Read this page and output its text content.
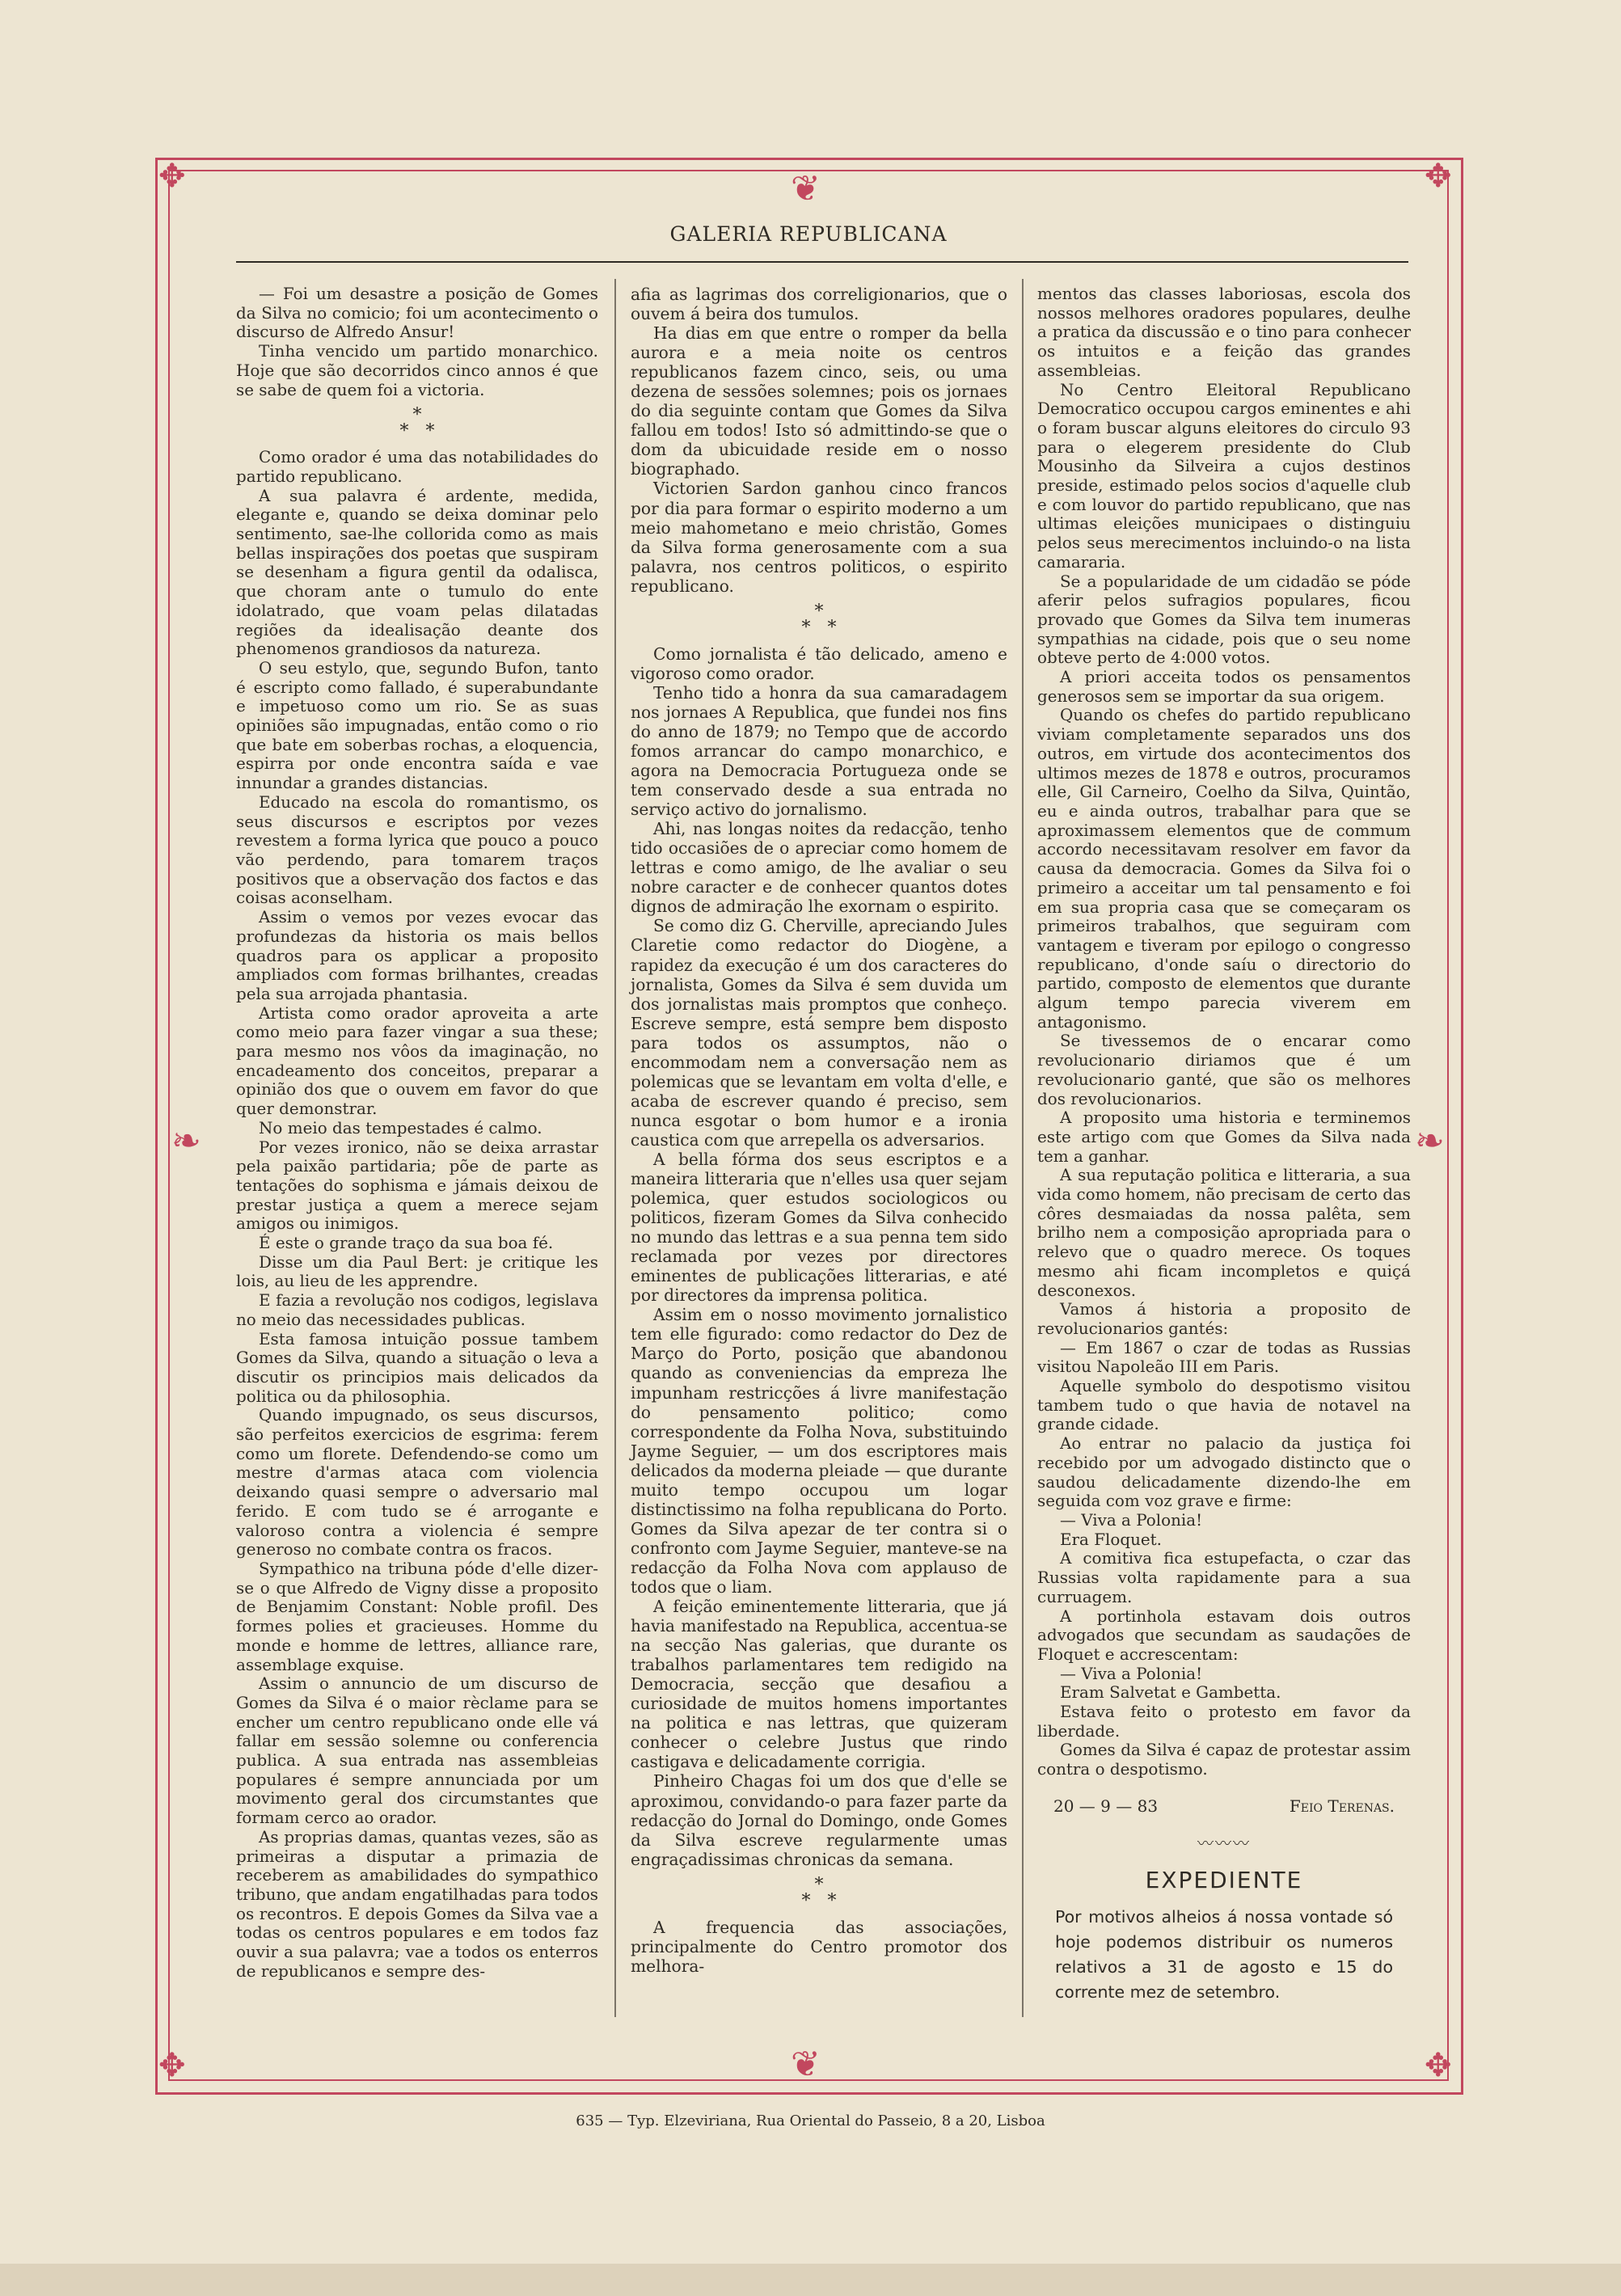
✥	✥
✥	✥
❦
❦
❧	❧
GALERIA REPUBLICANA

— Foi um desastre a posição de Gomes da Silva no comicio; foi um acontecimento o discurso de Alfredo Ansur!

Tinha vencido um partido monarchico. Hoje que são decorridos cinco annos é que se sabe de quem foi a victoria.

*
*   *

Como orador é uma das notabilidades do partido republicano.

A sua palavra é ardente, medida, elegante e, quando se deixa dominar pelo sentimento, sae-lhe collorida como as mais bellas inspirações dos poetas que suspiram se desenham a figura gentil da odalisca, que choram ante o tumulo do ente idolatrado, que voam pelas dilatadas regiões da idealisação deante dos phenomenos grandiosos da natureza.

O seu estylo, que, segundo Bufon, tanto é escripto como fallado, é superabundante e impetuoso como um rio. Se as suas opiniões são impugnadas, então como o rio que bate em soberbas rochas, a eloquencia, espirra por onde encontra saída e vae innundar a grandes distancias.

Educado na escola do romantismo, os seus discursos e escriptos por vezes revestem a forma lyrica que pouco a pouco vão perdendo, para tomarem traços positivos que a observação dos factos e das coisas aconselham.

Assim o vemos por vezes evocar das profundezas da historia os mais bellos quadros para os applicar a proposito ampliados com formas brilhantes, creadas pela sua arrojada phantasia.

Artista como orador aproveita a arte como meio para fazer vingar a sua these; para mesmo nos vôos da imaginação, no encadeamento dos conceitos, preparar a opinião dos que o ouvem em favor do que quer demonstrar.

No meio das tempestades é calmo.

Por vezes ironico, não se deixa arrastar pela paixão partidaria; põe de parte as tentações do sophisma e jámais deixou de prestar justiça a quem a merece sejam amigos ou inimigos.

É este o grande traço da sua boa fé.

Disse um dia Paul Bert: je critique les lois, au lieu de les apprendre.

E fazia a revolução nos codigos, legislava no meio das necessidades publicas.

Esta famosa intuição possue tambem Gomes da Silva, quando a situação o leva a discutir os principios mais delicados da politica ou da philosophia.

Quando impugnado, os seus discursos, são perfeitos exercicios de esgrima: ferem como um florete. Defendendo-se como um mestre d'armas ataca com violencia deixando quasi sempre o adversario mal ferido. E com tudo se é arrogante e valoroso contra a violencia é sempre generoso no combate contra os fracos.

Sympathico na tribuna póde d'elle dizer-se o que Alfredo de Vigny disse a proposito de Benjamim Constant: Noble profil. Des formes polies et gracieuses. Homme du monde e homme de lettres, alliance rare, assemblage exquise.

Assim o annuncio de um discurso de Gomes da Silva é o maior rèclame para se encher um centro republicano onde elle vá fallar em sessão solemne ou conferencia publica. A sua entrada nas assembleias populares é sempre annunciada por um movimento geral dos circumstantes que formam cerco ao orador.

As proprias damas, quantas vezes, são as primeiras a disputar a primazia de receberem as amabilidades do sympathico tribuno, que andam engatilhadas para todos os recontros. E depois Gomes da Silva vae a todas os centros populares e em todos faz ouvir a sua palavra; vae a todos os enterros de republicanos e sempre des-

afia as lagrimas dos correligionarios, que o ouvem á beira dos tumulos.

Ha dias em que entre o romper da bella aurora e a meia noite os centros republicanos fazem cinco, seis, ou uma dezena de sessões solemnes; pois os jornaes do dia seguinte contam que Gomes da Silva fallou em todos! Isto só admittindo-se que o dom da ubicuidade reside em o nosso biographado.

Victorien Sardon ganhou cinco francos por dia para formar o espirito moderno a um meio mahometano e meio christão, Gomes da Silva forma generosamente com a sua palavra, nos centros politicos, o espirito republicano.

*
*   *

Como jornalista é tão delicado, ameno e vigoroso como orador.

Tenho tido a honra da sua camaradagem nos jornaes A Republica, que fundei nos fins do anno de 1879; no Tempo que de accordo fomos arrancar do campo monarchico, e agora na Democracia Portugueza onde se tem conservado desde a sua entrada no serviço activo do jornalismo.

Ahi, nas longas noites da redacção, tenho tido occasiões de o apreciar como homem de lettras e como amigo, de lhe avaliar o seu nobre caracter e de conhecer quantos dotes dignos de admiração lhe exornam o espirito.

Se como diz G. Cherville, apreciando Jules Claretie como redactor do Diogène, a rapidez da execução é um dos caracteres do jornalista, Gomes da Silva é sem duvida um dos jornalistas mais promptos que conheço. Escreve sempre, está sempre bem disposto para todos os assumptos, não o encommodam nem a conversação nem as polemicas que se levantam em volta d'elle, e acaba de escrever quando é preciso, sem nunca esgotar o bom humor e a ironia caustica com que arrepella os adversarios.

A bella fórma dos seus escriptos e a maneira litteraria que n'elles usa quer sejam polemica, quer estudos sociologicos ou politicos, fizeram Gomes da Silva conhecido no mundo das lettras e a sua penna tem sido reclamada por vezes por directores eminentes de publicações litterarias, e até por directores da imprensa politica.

Assim em o nosso movimento jornalistico tem elle figurado: como redactor do Dez de Março do Porto, posição que abandonou quando as conveniencias da empreza lhe impunham restricções á livre manifestação do pensamento politico; como correspondente da Folha Nova, substituindo Jayme Seguier, — um dos escriptores mais delicados da moderna pleiade — que durante muito tempo occupou um logar distinctissimo na folha republicana do Porto. Gomes da Silva apezar de ter contra si o confronto com Jayme Seguier, manteve-se na redacção da Folha Nova com applauso de todos que o liam.

A feição eminentemente litteraria, que já havia manifestado na Republica, accentua-se na secção Nas galerias, que durante os trabalhos parlamentares tem redigido na Democracia, secção que desafiou a curiosidade de muitos homens importantes na politica e nas lettras, que quizeram conhecer o celebre Justus que rindo castigava e delicadamente corrigia.

Pinheiro Chagas foi um dos que d'elle se aproximou, convidando-o para fazer parte da redacção do Jornal do Domingo, onde Gomes da Silva escreve regularmente umas engraçadissimas chronicas da semana.

*
*   *

A frequencia das associações, principalmente do Centro promotor dos melhora-

mentos das classes laboriosas, escola dos nossos melhores oradores populares, deulhe a pratica da discussão e o tino para conhecer os intuitos e a feição das grandes assembleias.

No Centro Eleitoral Republicano Democratico occupou cargos eminentes e ahi o foram buscar alguns eleitores do circulo 93 para o elegerem presidente do Club Mousinho da Silveira a cujos destinos preside, estimado pelos socios d'aquelle club e com louvor do partido republicano, que nas ultimas eleições municipaes o distinguiu pelos seus merecimentos incluindo-o na lista camararia.

Se a popularidade de um cidadão se póde aferir pelos sufragios populares, ficou provado que Gomes da Silva tem inumeras sympathias na cidade, pois que o seu nome obteve perto de 4:000 votos.

A priori acceita todos os pensamentos generosos sem se importar da sua origem.

Quando os chefes do partido republicano viviam completamente separados uns dos outros, em virtude dos acontecimentos dos ultimos mezes de 1878 e outros, procuramos elle, Gil Carneiro, Coelho da Silva, Quintão, eu e ainda outros, trabalhar para que se aproximassem elementos que de commum accordo necessitavam resolver em favor da causa da democracia. Gomes da Silva foi o primeiro a acceitar um tal pensamento e foi em sua propria casa que se começaram os primeiros trabalhos, que seguiram com vantagem e tiveram por epilogo o congresso republicano, d'onde saíu o directorio do partido, composto de elementos que durante algum tempo parecia viverem em antagonismo.

Se tivessemos de o encarar como revolucionario diriamos que é um revolucionario ganté, que são os melhores dos revolucionarios.

A proposito uma historia e terminemos este artigo com que Gomes da Silva nada tem a ganhar.

A sua reputação politica e litteraria, a sua vida como homem, não precisam de certo das côres desmaiadas da nossa palêta, sem brilho nem a composição apropriada para o relevo que o quadro merece. Os toques mesmo ahi ficam incompletos e quiçá desconexos.

Vamos á historia a proposito de revolucionarios gantés:

— Em 1867 o czar de todas as Russias visitou Napoleão III em Paris.

Aquelle symbolo do despotismo visitou tambem tudo o que havia de notavel na grande cidade.

Ao entrar no palacio da justiça foi recebido por um advogado distincto que o saudou delicadamente dizendo-lhe em seguida com voz grave e firme:

— Viva a Polonia!

Era Floquet.

A comitiva fica estupefacta, o czar das Russias volta rapidamente para a sua curruagem.

A portinhola estavam dois outros advogados que secundam as saudações de Floquet e accrescentam:

— Viva a Polonia!

Eram Salvetat e Gambetta.

Estava feito o protesto em favor da liberdade.

Gomes da Silva é capaz de protestar assim contra o despotismo.

20 — 9 — 83	Feio Terenas.
〰〰〰
EXPEDIENTE
Por motivos alheios á nossa vontade só hoje podemos distribuir os numeros relativos a 31 de agosto e 15 do corrente mez de setembro.
635 — Typ. Elzeviriana, Rua Oriental do Passeio, 8 a 20, Lisboa
